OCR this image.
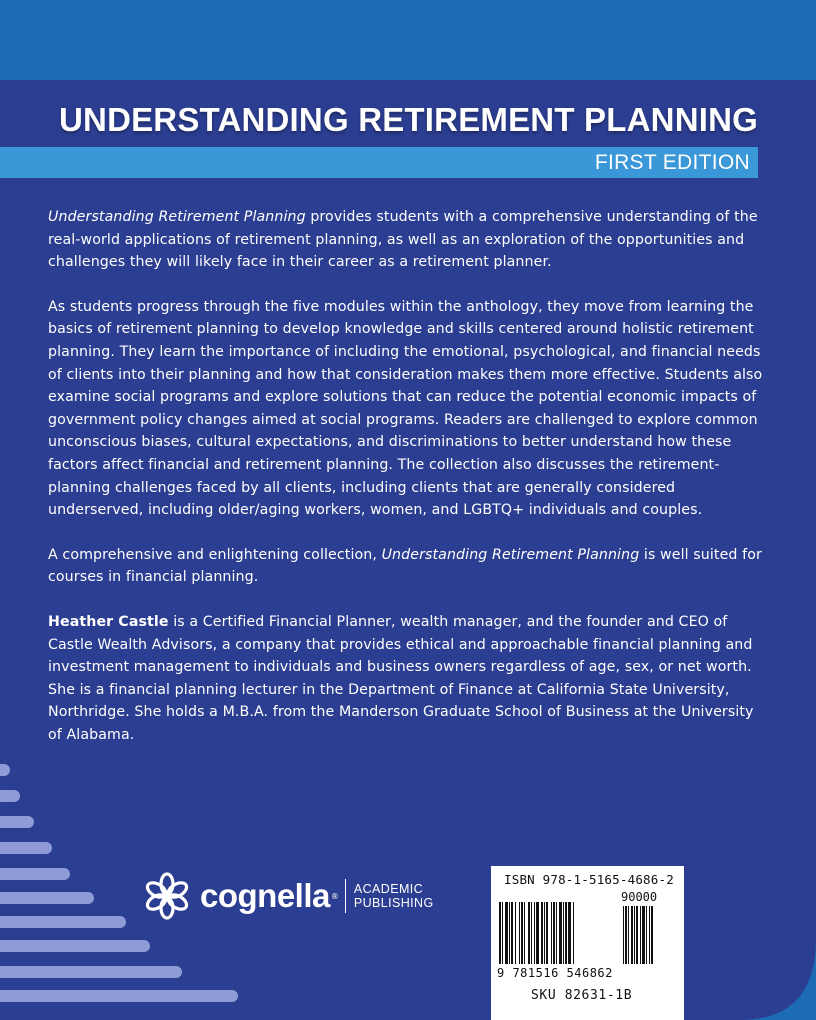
UNDERSTANDING RETIREMENT PLANNING
FIRST EDITION

Understanding Retirement Planning provides students with a comprehensive understanding of the real-world applications of retirement planning, as well as an exploration of the opportunities and challenges they will likely face in their career as a retirement planner.

As students progress through the five modules within the anthology, they move from learning the basics of retirement planning to develop knowledge and skills centered around holistic retirement planning. They learn the importance of including the emotional, psychological, and financial needs of clients into their planning and how that consideration makes them more effective. Students also examine social programs and explore solutions that can reduce the potential economic impacts of government policy changes aimed at social programs. Readers are challenged to explore common unconscious biases, cultural expectations, and discriminations to better understand how these factors affect financial and retirement planning. The collection also discusses the retirement-planning challenges faced by all clients, including clients that are generally considered underserved, including older/aging workers, women, and LGBTQ+ individuals and couples.

A comprehensive and enlightening collection, Understanding Retirement Planning is well suited for courses in financial planning.

Heather Castle is a Certified Financial Planner, wealth manager, and the founder and CEO of Castle Wealth Advisors, a company that provides ethical and approachable financial planning and investment management to individuals and business owners regardless of age, sex, or net worth. She is a financial planning lecturer in the Department of Finance at California State University, Northridge. She holds a M.B.A. from the Manderson Graduate School of Business at the University of Alabama.

cognella ® ACADEMIC
PUBLISHING
ISBN 978-1-5165-4686-2
90000
9 781516 546862
SKU 82631-1B
